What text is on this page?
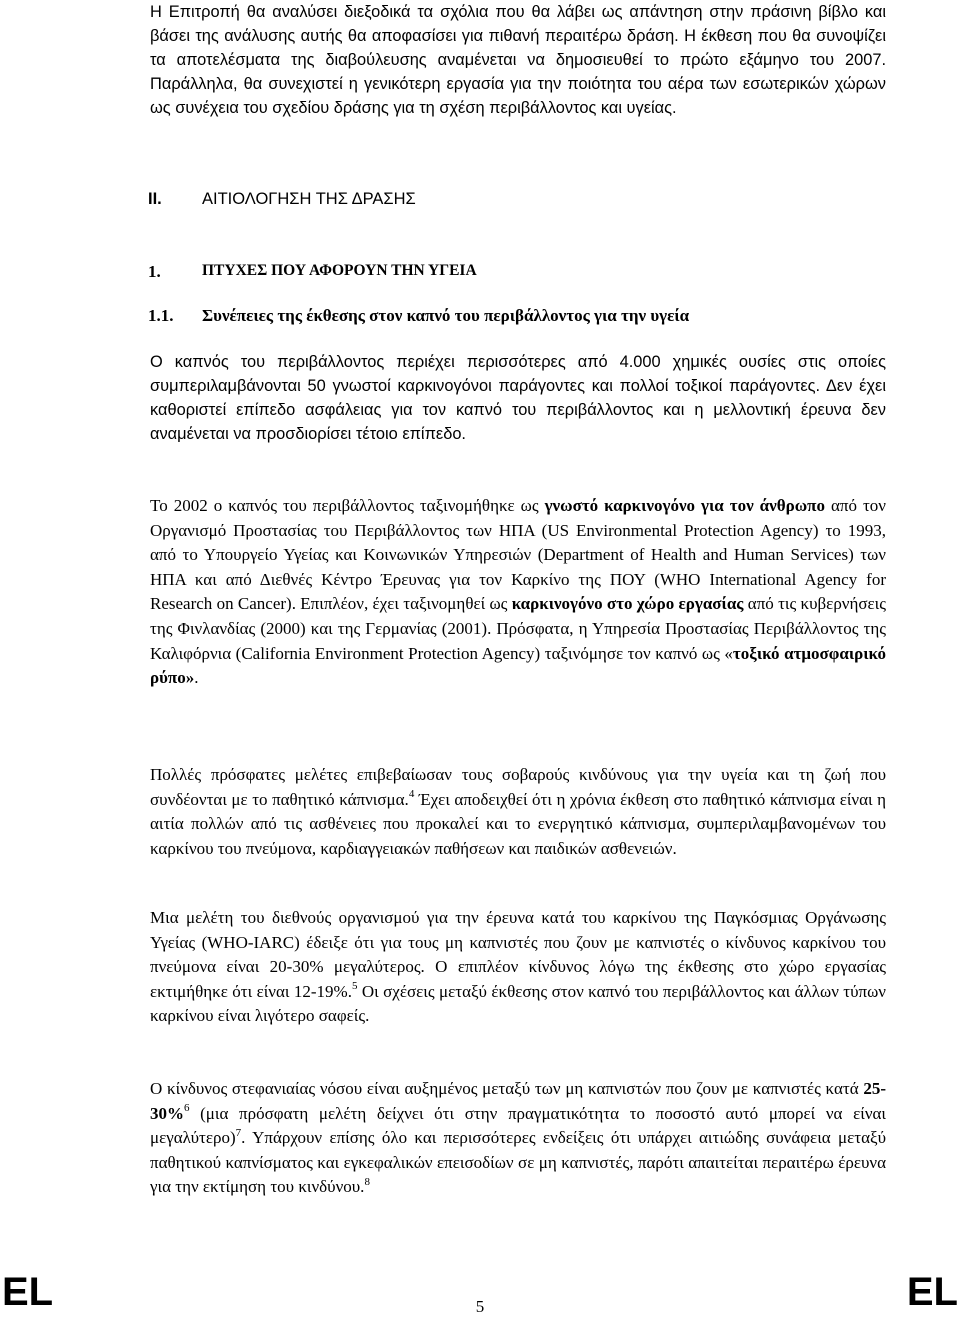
Η Επιτροπή θα αναλύσει διεξοδικά τα σχόλια που θα λάβει ως απάντηση στην πράσινη βίβλο και βάσει της ανάλυσης αυτής θα αποφασίσει για πιθανή περαιτέρω δράση. Η έκθεση που θα συνοψίζει τα αποτελέσματα της διαβούλευσης αναμένεται να δημοσιευθεί το πρώτο εξάμηνο του 2007. Παράλληλα, θα συνεχιστεί η γενικότερη εργασία για την ποιότητα του αέρα των εσωτερικών χώρων ως συνέχεια του σχεδίου δράσης για τη σχέση περιβάλλοντος και υγείας.

II. ΑΙΤΙΟΛΟΓΗΣΗ ΤΗΣ ΔΡΑΣΗΣ
1.	ΠΤΥΧΕΣ ΠΟΥ ΑΦΟΡΟΥΝ ΤΗΝ ΥΓΕΙΑ
1.1. Συνέπειες της έκθεσης στον καπνό του περιβάλλοντος για την υγεία

Ο καπνός του περιβάλλοντος περιέχει περισσότερες από 4.000 χημικές ουσίες στις οποίες συμπεριλαμβάνονται 50 γνωστοί καρκινογόνοι παράγοντες και πολλοί τοξικοί παράγοντες. Δεν έχει καθοριστεί επίπεδο ασφάλειας για τον καπνό του περιβάλλοντος και η μελλοντική έρευνα δεν αναμένεται να προσδιορίσει τέτοιο επίπεδο.

Το 2002 ο καπνός του περιβάλλοντος ταξινομήθηκε ως γνωστό καρκινογόνο για τον άνθρωπο από τον Οργανισμό Προστασίας του Περιβάλλοντος των ΗΠΑ (US Environmental Protection Agency) το 1993, από το Υπουργείο Υγείας και Κοινωνικών Υπηρεσιών (Department of Health and Human Services) των ΗΠΑ και από Διεθνές Κέντρο Έρευνας για τον Καρκίνο της ΠΟΥ (WHO International Agency for Research on Cancer). Επιπλέον, έχει ταξινομηθεί ως καρκινογόνο στο χώρο εργασίας από τις κυβερνήσεις της Φινλανδίας (2000) και της Γερμανίας (2001). Πρόσφατα, η Υπηρεσία Προστασίας Περιβάλλοντος της Καλιφόρνια (California Environment Protection Agency) ταξινόμησε τον καπνό ως «τοξικό ατμοσφαιρικό ρύπο».

Πολλές πρόσφατες μελέτες επιβεβαίωσαν τους σοβαρούς κινδύνους για την υγεία και τη ζωή που συνδέονται με το παθητικό κάπνισμα.$^4$ Έχει αποδειχθεί ότι η χρόνια έκθεση στο παθητικό κάπνισμα είναι η αιτία πολλών από τις ασθένειες που προκαλεί και το ενεργητικό κάπνισμα, συμπεριλαμβανομένων του καρκίνου του πνεύμονα, καρδιαγγειακών παθήσεων και παιδικών ασθενειών.

Μια μελέτη του διεθνούς οργανισμού για την έρευνα κατά του καρκίνου της Παγκόσμιας Οργάνωσης Υγείας (WHO-IARC) έδειξε ότι για τους μη καπνιστές που ζουν με καπνιστές ο κίνδυνος καρκίνου του πνεύμονα είναι 20-30% μεγαλύτερος. Ο επιπλέον κίνδυνος λόγω της έκθεσης στο χώρο εργασίας εκτιμήθηκε ότι είναι 12-19%.$^5$ Οι σχέσεις μεταξύ έκθεσης στον καπνό του περιβάλλοντος και άλλων τύπων καρκίνου είναι λιγότερο σαφείς.

Ο κίνδυνος στεφανιαίας νόσου είναι αυξημένος μεταξύ των μη καπνιστών που ζουν με καπνιστές κατά 25-30%$^6$ (μια πρόσφατη μελέτη δείχνει ότι στην πραγματικότητα το ποσοστό αυτό μπορεί να είναι μεγαλύτερο)$^7$. Υπάρχουν επίσης όλο και περισσότερες ενδείξεις ότι υπάρχει αιτιώδης συνάφεια μεταξύ παθητικού καπνίσματος και εγκεφαλικών επεισοδίων σε μη καπνιστές, παρότι απαιτείται περαιτέρω έρευνα για την εκτίμηση του κινδύνου.$^8$

EL	5	EL
